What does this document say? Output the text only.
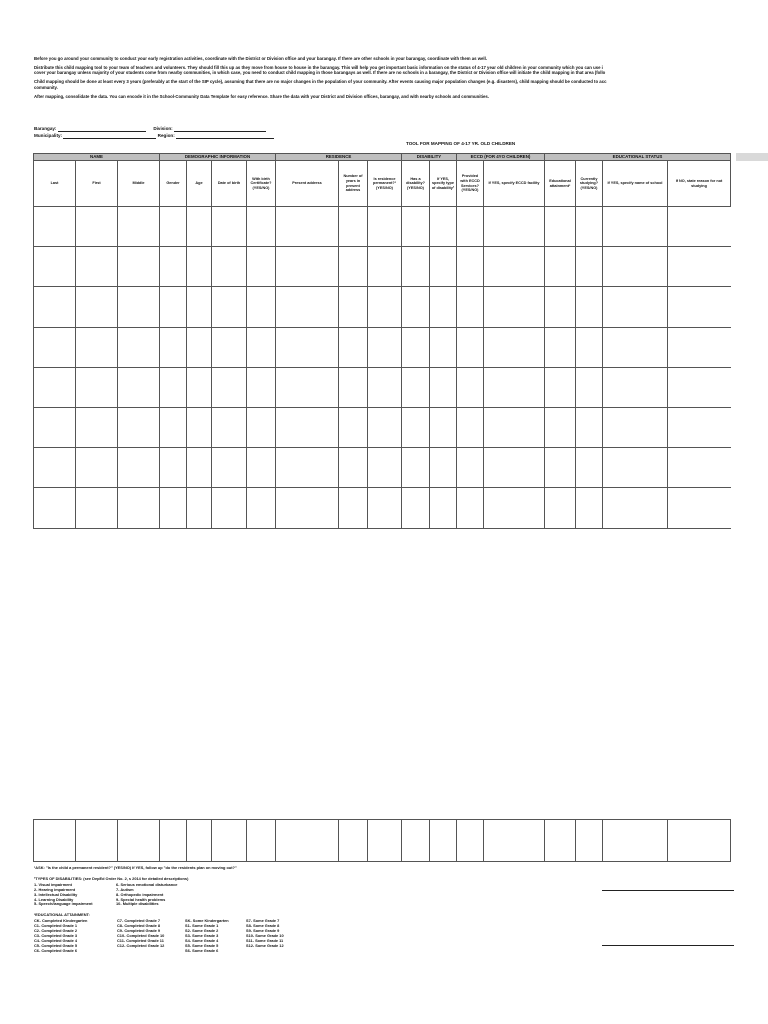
Before you go around your community to conduct your early registration activities, coordinate with the District or Division office and your barangay. If there are other schools in your barangay, coordinate with them as well.

Distribute this child mapping tool to your team of teachers and volunteers. They should fill this up as they move from house to house in the barangay. This will help you get important basic information on the status of 4-17 year old children in your community which you can use i
cover your barangay unless majority of your students come from nearby communities, in which case, you need to conduct child mapping in those barangays as well. If there are no schools in a barangay, the District or Division office will initiate the child mapping in that area (follo

Child mapping should be done at least every 3 years (preferably at the start of the SIP cycle), assuming that there are no major changes in the population of your community. After events causing major population changes (e.g. disasters), child mapping should be conducted to acc
community.

After mapping, consolidate the data. You can encode it in the School-Community Data Template for easy reference. Share the data with your District and Division offices, barangay, and with nearby schools and communities.

Barangay:	Division:
Municipality:	Region:
TOOL FOR MAPPING OF 4-17 YR. OLD CHILDREN
NAME			DEMOGRAPHIC INFORMATION				RESIDENCE			DISABILITY		ECCD (FOR 4YO CHILDREN)		EDUCATIONAL STATUS			
Last	First	Middle	Gender	Age	Date of birth	With birth Certificate? (YES/NO)	Present address	Number of years in present address	Is residence permanent?¹ (YES/NO)	Has a disability? (YES/NO)	If YES, specify type of disability²	Provided with ECCD Services? (YES/NO)	If YES, specify ECCD facility	Educational attainment³	Currently studying? (YES/NO)	If YES, specify name of school	If NO, state reason for not studying

¹ASK: "Is the child a permanent resident?" (YES/NO) If YES, follow up "do the residents plan on moving out?"
²TYPES OF DISABILITIES: (see DepEd Order No. 2, s 2014 for detailed descriptions)
1- Visual impairment
2- Hearing impairment
3- Intellectual Disability
4- Learning Disability
5- Speech/language impairment
6- Serious emotional disturbance
7- Autism
8- Orthopedic impairment
9- Special health problems
10- Multiple disabilities
³EDUCATIONAL ATTAINMENT:
CK- Completed Kindergarten
C1- Completed Grade 1
C2- Completed Grade 2
C3- Completed Grade 3
C4- Completed Grade 4
C5- Completed Grade 5
C6- Completed Grade 6
C7- Completed Grade 7
C8- Completed Grade 8
C9- Completed Grade 9
C10- Completed Grade 10
C11- Completed Grade 11
C12- Completed Grade 12
SK- Some Kindergarten
S1- Some Grade 1
S2- Some Grade 2
S3- Some Grade 3
S4- Some Grade 4
S5- Some Grade 5
S6- Some Grade 6
S7- Some Grade 7
S8- Some Grade 8
S9- Some Grade 9
S10- Some Grade 10
S11- Some Grade 11
S12- Some Grade 12
